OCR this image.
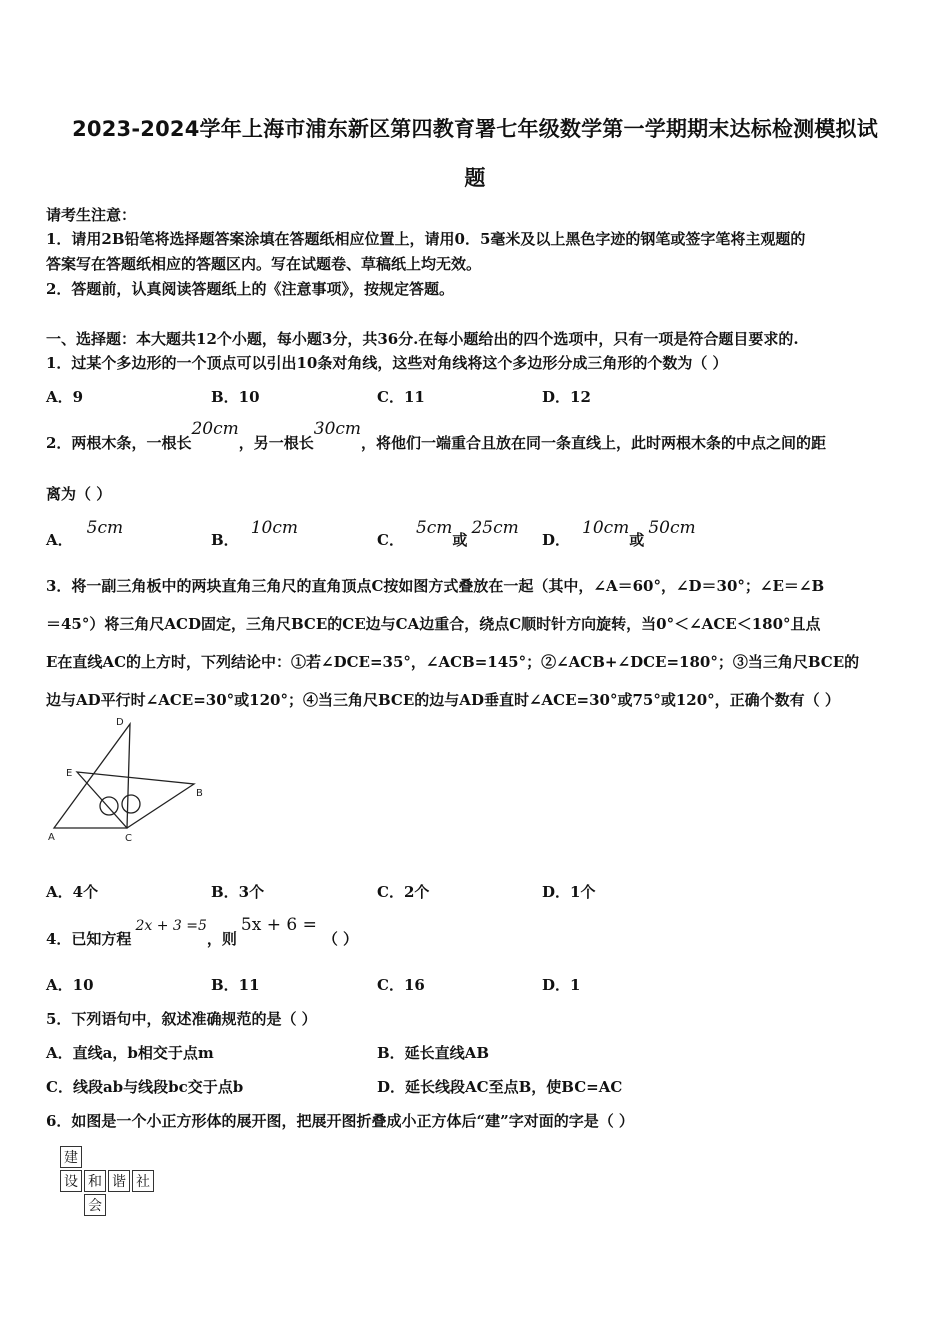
2023-2024学年上海市浦东新区第四教育署七年级数学第一学期期末达标检测模拟试
题
请考生注意：
1．请用2B铅笔将选择题答案涂填在答题纸相应位置上，请用0．5毫米及以上黑色字迹的钢笔或签字笔将主观题的
答案写在答题纸相应的答题区内。写在试题卷、草稿纸上均无效。
2．答题前，认真阅读答题纸上的《注意事项》，按规定答题。
一、选择题：本大题共12个小题，每小题3分，共36分.在每小题给出的四个选项中，只有一项是符合题目要求的.
1．过某个多边形的一个顶点可以引出10条对角线，这些对角线将这个多边形分成三角形的个数为（ ）
A．9	B．10	C．11	D．12
2．两根木条，一根长20cm，另一根长30cm，将他们一端重合且放在同一条直线上，此时两根木条的中点之间的距
离为（ ）
A．5cm
B．10cm
C．5cm或25cm
D．10cm或50cm
3．将一副三角板中的两块直角三角尺的直角顶点C按如图方式叠放在一起（其中，∠A＝60°，∠D＝30°；∠E＝∠B
＝45°）将三角尺ACD固定，三角尺BCE的CE边与CA边重合，绕点C顺时针方向旋转，当0°＜∠ACE＜180°且点
E在直线AC的上方时，下列结论中：①若∠DCE=35°，∠ACB=145°；②∠ACB+∠DCE=180°；③当三角尺BCE的
边与AD平行时∠ACE=30°或120°；④当三角尺BCE的边与AD垂直时∠ACE=30°或75°或120°，正确个数有（ ）
D
E
B
A	C
A．4个	B．3个	C．2个	D．1个
4．已知方程2x + 3 =5，则5x + 6 =（ ）
A．10	B．11	C．16	D．1
5．下列语句中，叙述准确规范的是（ ）
A．直线a，b相交于点m	B．延长直线AB
C．线段ab与线段bc交于点b	D．延长线段AC至点B，使BC=AC
6．如图是一个小正方形体的展开图，把展开图折叠成小正方体后“建”字对面的字是（ ）
建
设 和 谐 社
会
